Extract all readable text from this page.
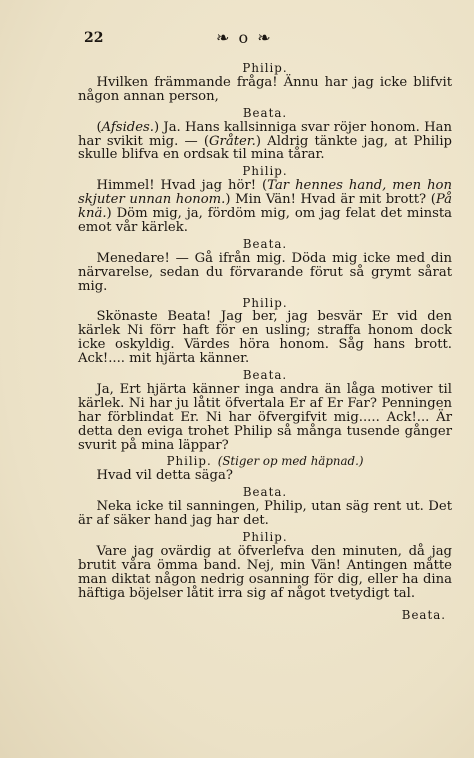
22	❧ o ❧
Philip.
Hvilken främmande fråga! Ännu har jag icke blifvit någon annan person,
Beata.
(Afsides.) Ja. Hans kallsinniga svar röjer honom. Han har svikit mig. — (Gråter.) Aldrig tänkte jag, at Philip skulle blifva en ordsak til mina tårar.
Philip.
Himmel! Hvad jag hör! (Tar hennes hand, men hon skjuter unnan honom.) Min Vän! Hvad är mit brott? (På knä.) Döm mig, ja, fördöm mig, om jag felat det minsta emot vår kärlek.
Beata.
Menedare! — Gå ifrån mig. Döda mig icke med din närvarelse, sedan du förvarande förut så grymt sårat mig.
Philip.
Skönaste Beata! Jag ber, jag besvär Er vid den kärlek Ni förr haft för en usling; straffa honom dock icke oskyldig. Värdes höra honom. Såg hans brott. Ack!.... mit hjärta känner.
Beata.
Ja, Ert hjärta känner inga andra än låga motiver til kärlek. Ni har ju låtit öfvertala Er af Er Far? Penningen har förblindat Er. Ni har öfvergifvit mig..... Ack!... Är detta den eviga trohet Philip så många tusende gånger svurit på mina läppar?
Philip. (Stiger op med häpnad.)
Hvad vil detta säga?
Beata.
Neka icke til sanningen, Philip, utan säg rent ut. Det är af säker hand jag har det.
Philip.
Vare jag ovärdig at öfverlefva den minuten, då jag brutit våra ömma band. Nej, min Vän! Antingen måtte man diktat någon nedrig osanning för dig, eller ha dina häftiga böjelser låtit irra sig af något tvetydigt tal.
Beata.
